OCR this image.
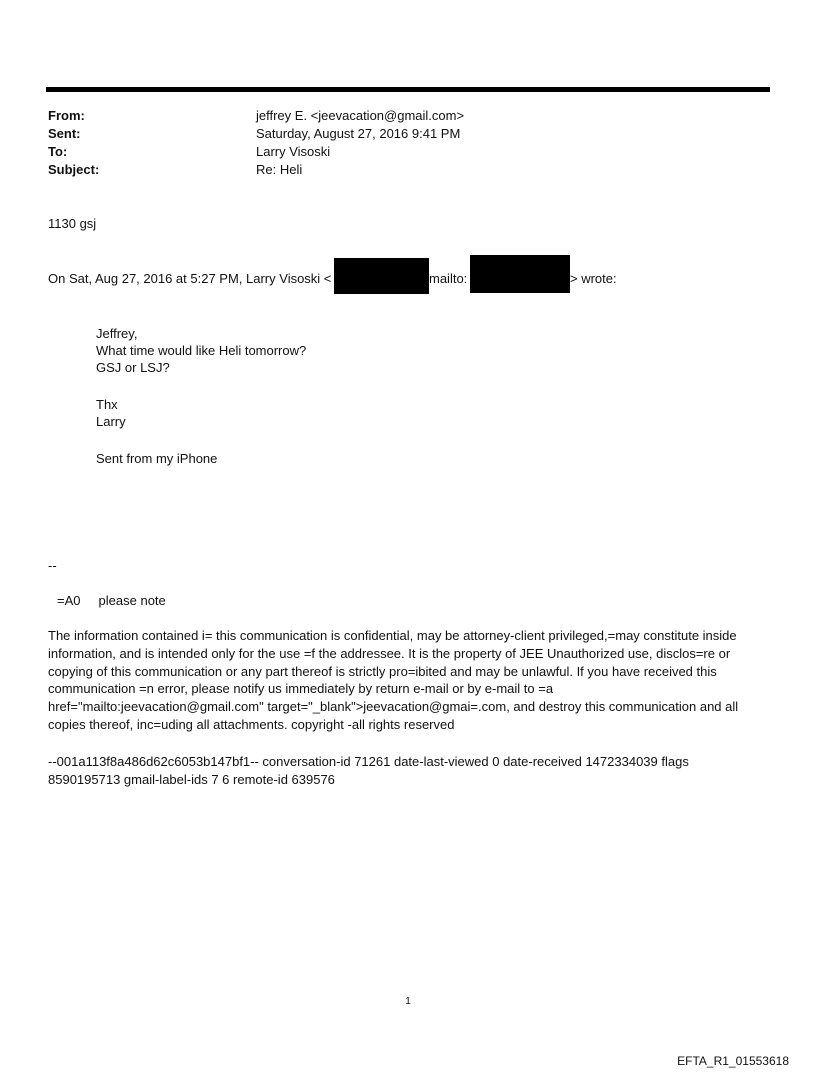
From:	jeffrey E. <jeevacation@gmail.com>
Sent:	Saturday, August 27, 2016 9:41 PM
To:	Larry Visoski
Subject:	Re: Heli
1130 gsj
On Sat, Aug 27, 2016 at 5:27 PM, Larry Visoski <	mailto:	> wrote:
Jeffrey,
What time would like Heli tomorrow?
GSJ or LSJ?
Thx
Larry
Sent from my iPhone
--
=A0     please note
The information contained i= this communication is confidential, may be attorney-client privileged,=may constitute inside information, and is intended only for the use =f the addressee. It is the property of JEE Unauthorized use, disclos=re or copying of this communication or any part thereof is strictly pro=ibited and may be unlawful. If you have received this communication =n error, please notify us immediately by return e-mail or by e-mail to =a href="mailto:jeevacation@gmail.com" target="_blank">jeevacation@gmai=.com, and destroy this communication and all copies thereof, inc=uding all attachments. copyright -all rights reserved
--001a113f8a486d62c6053b147bf1-- conversation-id 71261 date-last-viewed 0 date-received 1472334039 flags 8590195713 gmail-label-ids 7 6 remote-id 639576
1
EFTA_R1_01553618
